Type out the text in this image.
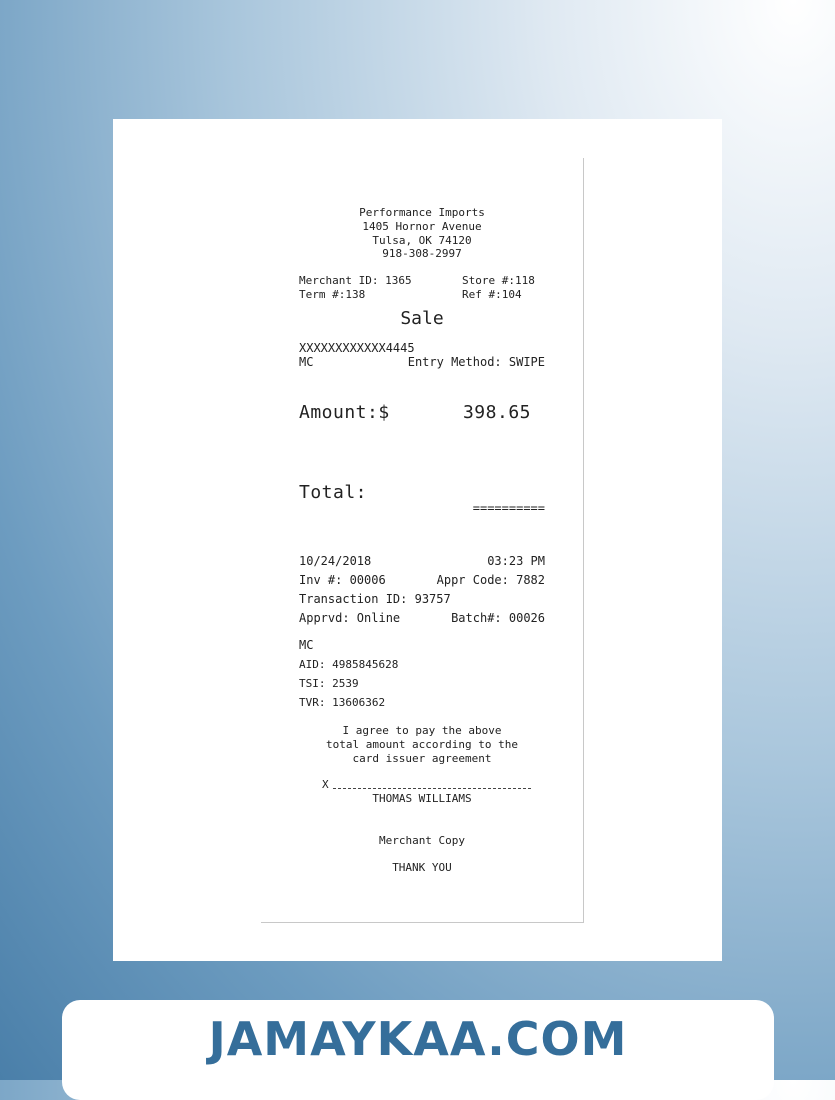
Performance Imports
1405 Hornor Avenue
Tulsa, OK 74120
918-308-2997
Merchant ID: 1365	Store #:118
Term #:138	Ref #:104
Sale
XXXXXXXXXXXX4445
MC	Entry Method: SWIPE
Amount:$	398.65
Total:
==========
10/24/2018	03:23 PM
Inv #: 00006	Appr Code: 7882
Transaction ID: 93757
Apprvd: Online	Batch#: 00026
MC
AID: 4985845628
TSI: 2539
TVR: 13606362
I agree to pay the above
total amount according to the
card issuer agreement
X
THOMAS WILLIAMS
Merchant Copy
THANK YOU
JAMAYKAA.COM
